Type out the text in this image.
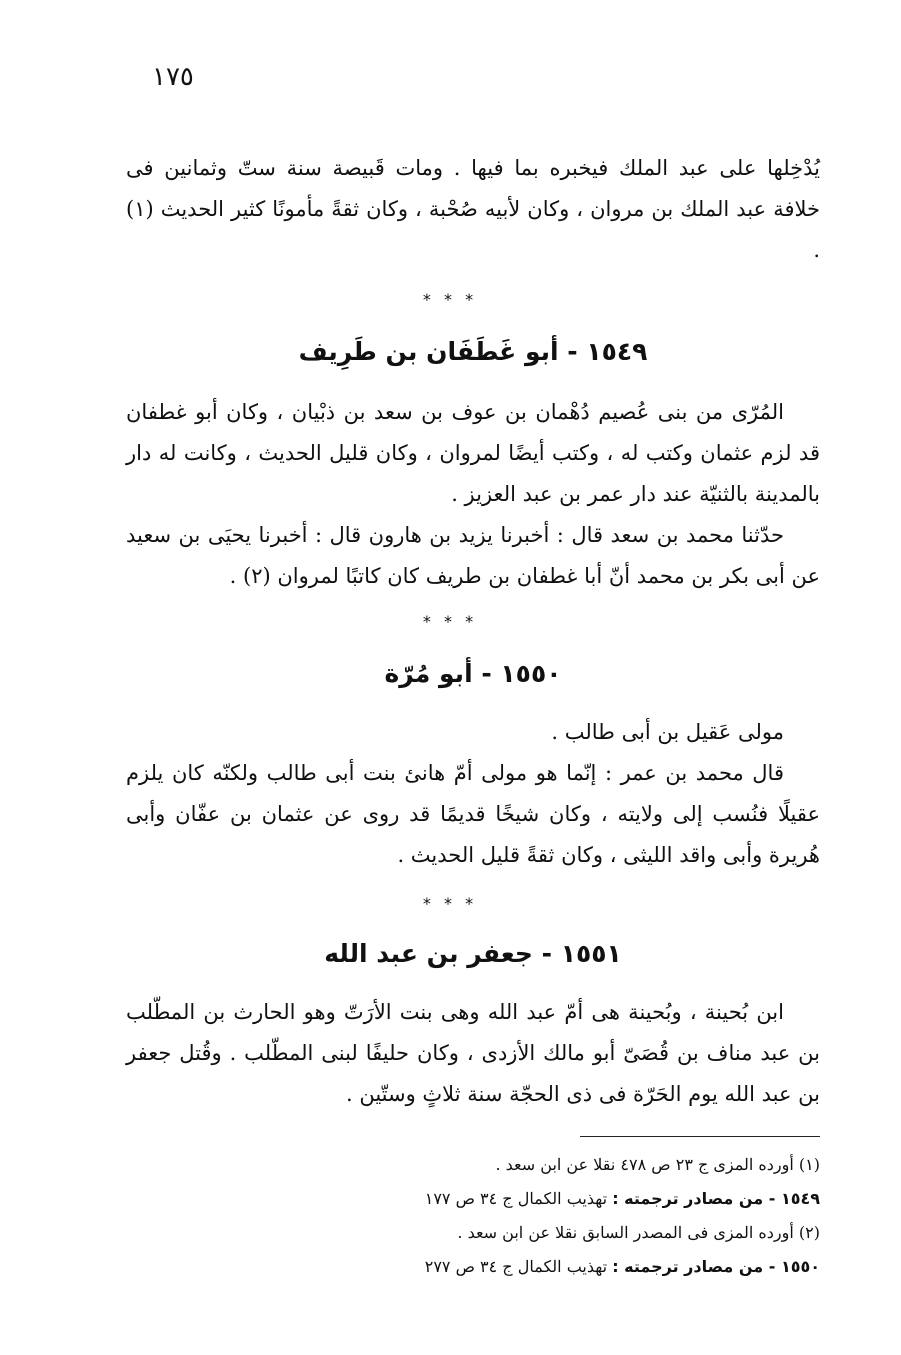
١٧٥

يُدْخِلها على عبد الملك فيخبره بما فيها . ومات قَبيصة سنة ستّ وثمانين فى خلافة عبد الملك بن مروان ، وكان لأبيه صُحْبة ، وكان ثقةً مأمونًا كثير الحديث (١) .

* * *
١٥٤٩ - أبو غَطَفَان بن طَرِيف

المُرّى من بنى عُصيم دُهْمان بن عوف بن سعد بن ذبْيان ، وكان أبو غطفان قد لزم عثمان وكتب له ، وكتب أيضًا لمروان ، وكان قليل الحديث ، وكانت له دار بالمدينة بالثنيّة عند دار عمر بن عبد العزيز .

حدّثنا محمد بن سعد قال : أخبرنا يزيد بن هارون قال : أخبرنا يحيَى بن سعيد عن أبى بكر بن محمد أنّ أبا غطفان بن طريف كان كاتبًا لمروان (٢) .

* * *
١٥٥٠ - أبو مُرّة

مولى عَقيل بن أبى طالب .

قال محمد بن عمر : إنّما هو مولى أمّ هانئ بنت أبى طالب ولكنّه كان يلزم عقيلًا فنُسب إلى ولايته ، وكان شيخًا قديمًا قد روى عن عثمان بن عفّان وأبى هُريرة وأبى واقد الليثى ، وكان ثقةً قليل الحديث .

* * *
١٥٥١ - جعفر بن عبد الله

ابن بُحينة ، وبُحينة هى أمّ عبد الله وهى بنت الأرَتّ وهو الحارث بن المطّلب بن عبد مناف بن قُصَىّ أبو مالك الأزدى ، وكان حليفًا لبنى المطّلب . وقُتل جعفر بن عبد الله يوم الحَرّة فى ذى الحجّة سنة ثلاثٍ وستّين .

(١) أورده المزى ج ٢٣ ص ٤٧٨ نقلا عن ابن سعد .

١٥٤٩ - من مصادر ترجمته : تهذيب الكمال ج ٣٤ ص ١٧٧

(٢) أورده المزى فى المصدر السابق نقلا عن ابن سعد .

١٥٥٠ - من مصادر ترجمته : تهذيب الكمال ج ٣٤ ص ٢٧٧
